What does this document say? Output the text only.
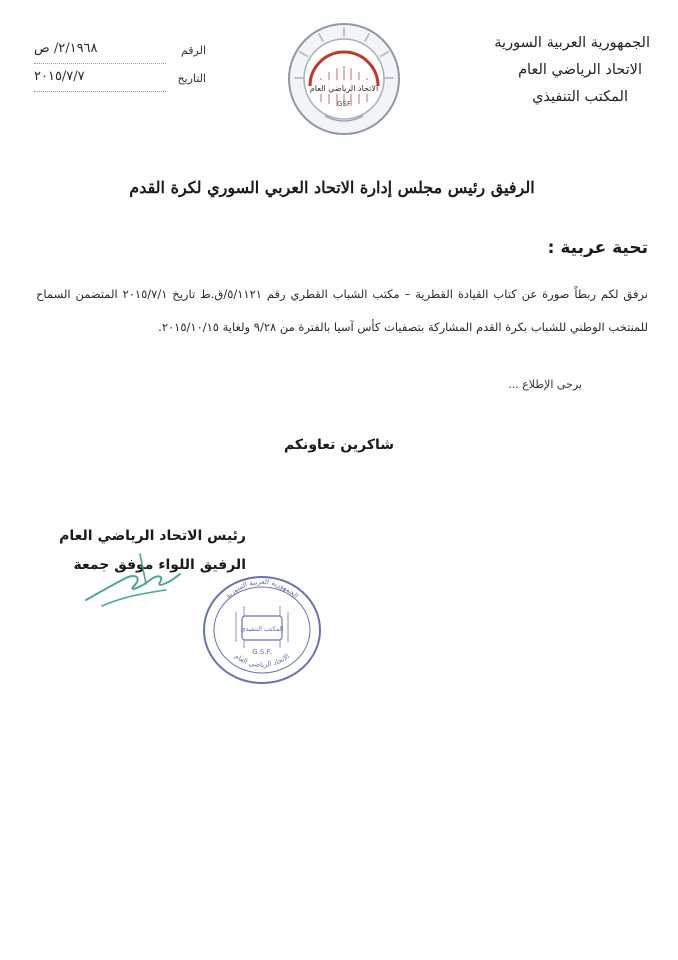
الجمهورية العربية السورية
الاتحاد الرياضي العام
المكتب التنفيذي
الرقم
٢/١٩٦٨/ ص
التاريخ
٢٠١٥/٧/٧
الاتحاد الرياضي العام
GSF
الرفيق رئيس مجلس إدارة الاتحاد العربي السوري لكرة القدم
تحية عربية :
نرفق لكم ربطاً صورة عن كتاب القيادة القطرية – مكتب الشباب القطري رقم ٥/١١٢١/ق.ط تاريخ ٢٠١٥/٧/١ المتضمن السماح للمنتخب الوطني للشباب بكرة القدم المشاركة بتصفيات كأس آسيا بالفترة من ٩/٢٨ ولغاية ٢٠١٥/١٠/١٥.
يرجى الإطلاع ...
شاكرين تعاونكم
رئيس الاتحاد الرياضي العام
الرفيق اللواء موفق جمعة
الجمهورية العربية السورية
الاتحاد الرياضي العام
المكتب التنفيذي
G.S.F.
